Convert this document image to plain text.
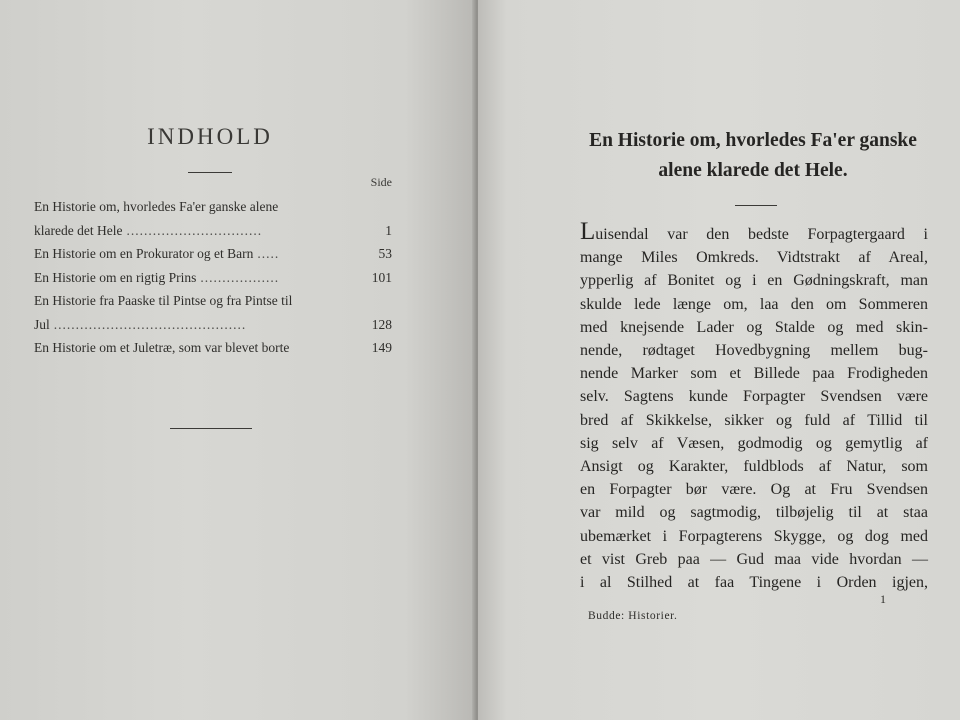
INDHOLD
Side
En Historie om, hvorledes Fa'er ganske alene
klarede det Hele ...............................	1
En Historie om en Prokurator og et Barn .....	53
En Historie om en rigtig Prins ..................	101
En Historie fra Paaske til Pintse og fra Pintse til
Jul ............................................	128
En Historie om et Juletræ, som var blevet borte	149
En Historie om, hvorledes Fa'er ganske
alene klarede det Hele.
Luisendal var den bedste Forpagtergaard i
mange Miles Omkreds. Vidtstrakt af Areal,
ypperlig af Bonitet og i en Gødningskraft, man
skulde lede længe om, laa den om Sommeren
med knejsende Lader og Stalde og med skin-
nende, rødtaget Hovedbygning mellem bug-
nende Marker som et Billede paa Frodigheden
selv. Sagtens kunde Forpagter Svendsen være
bred af Skikkelse, sikker og fuld af Tillid til
sig selv af Væsen, godmodig og gemytlig af
Ansigt og Karakter, fuldblods af Natur, som
en Forpagter bør være. Og at Fru Svendsen
var mild og sagtmodig, tilbøjelig til at staa
ubemærket i Forpagterens Skygge, og dog med
et vist Greb paa — Gud maa vide hvordan —
i al Stilhed at faa Tingene i Orden igjen,
1
Budde: Historier.
